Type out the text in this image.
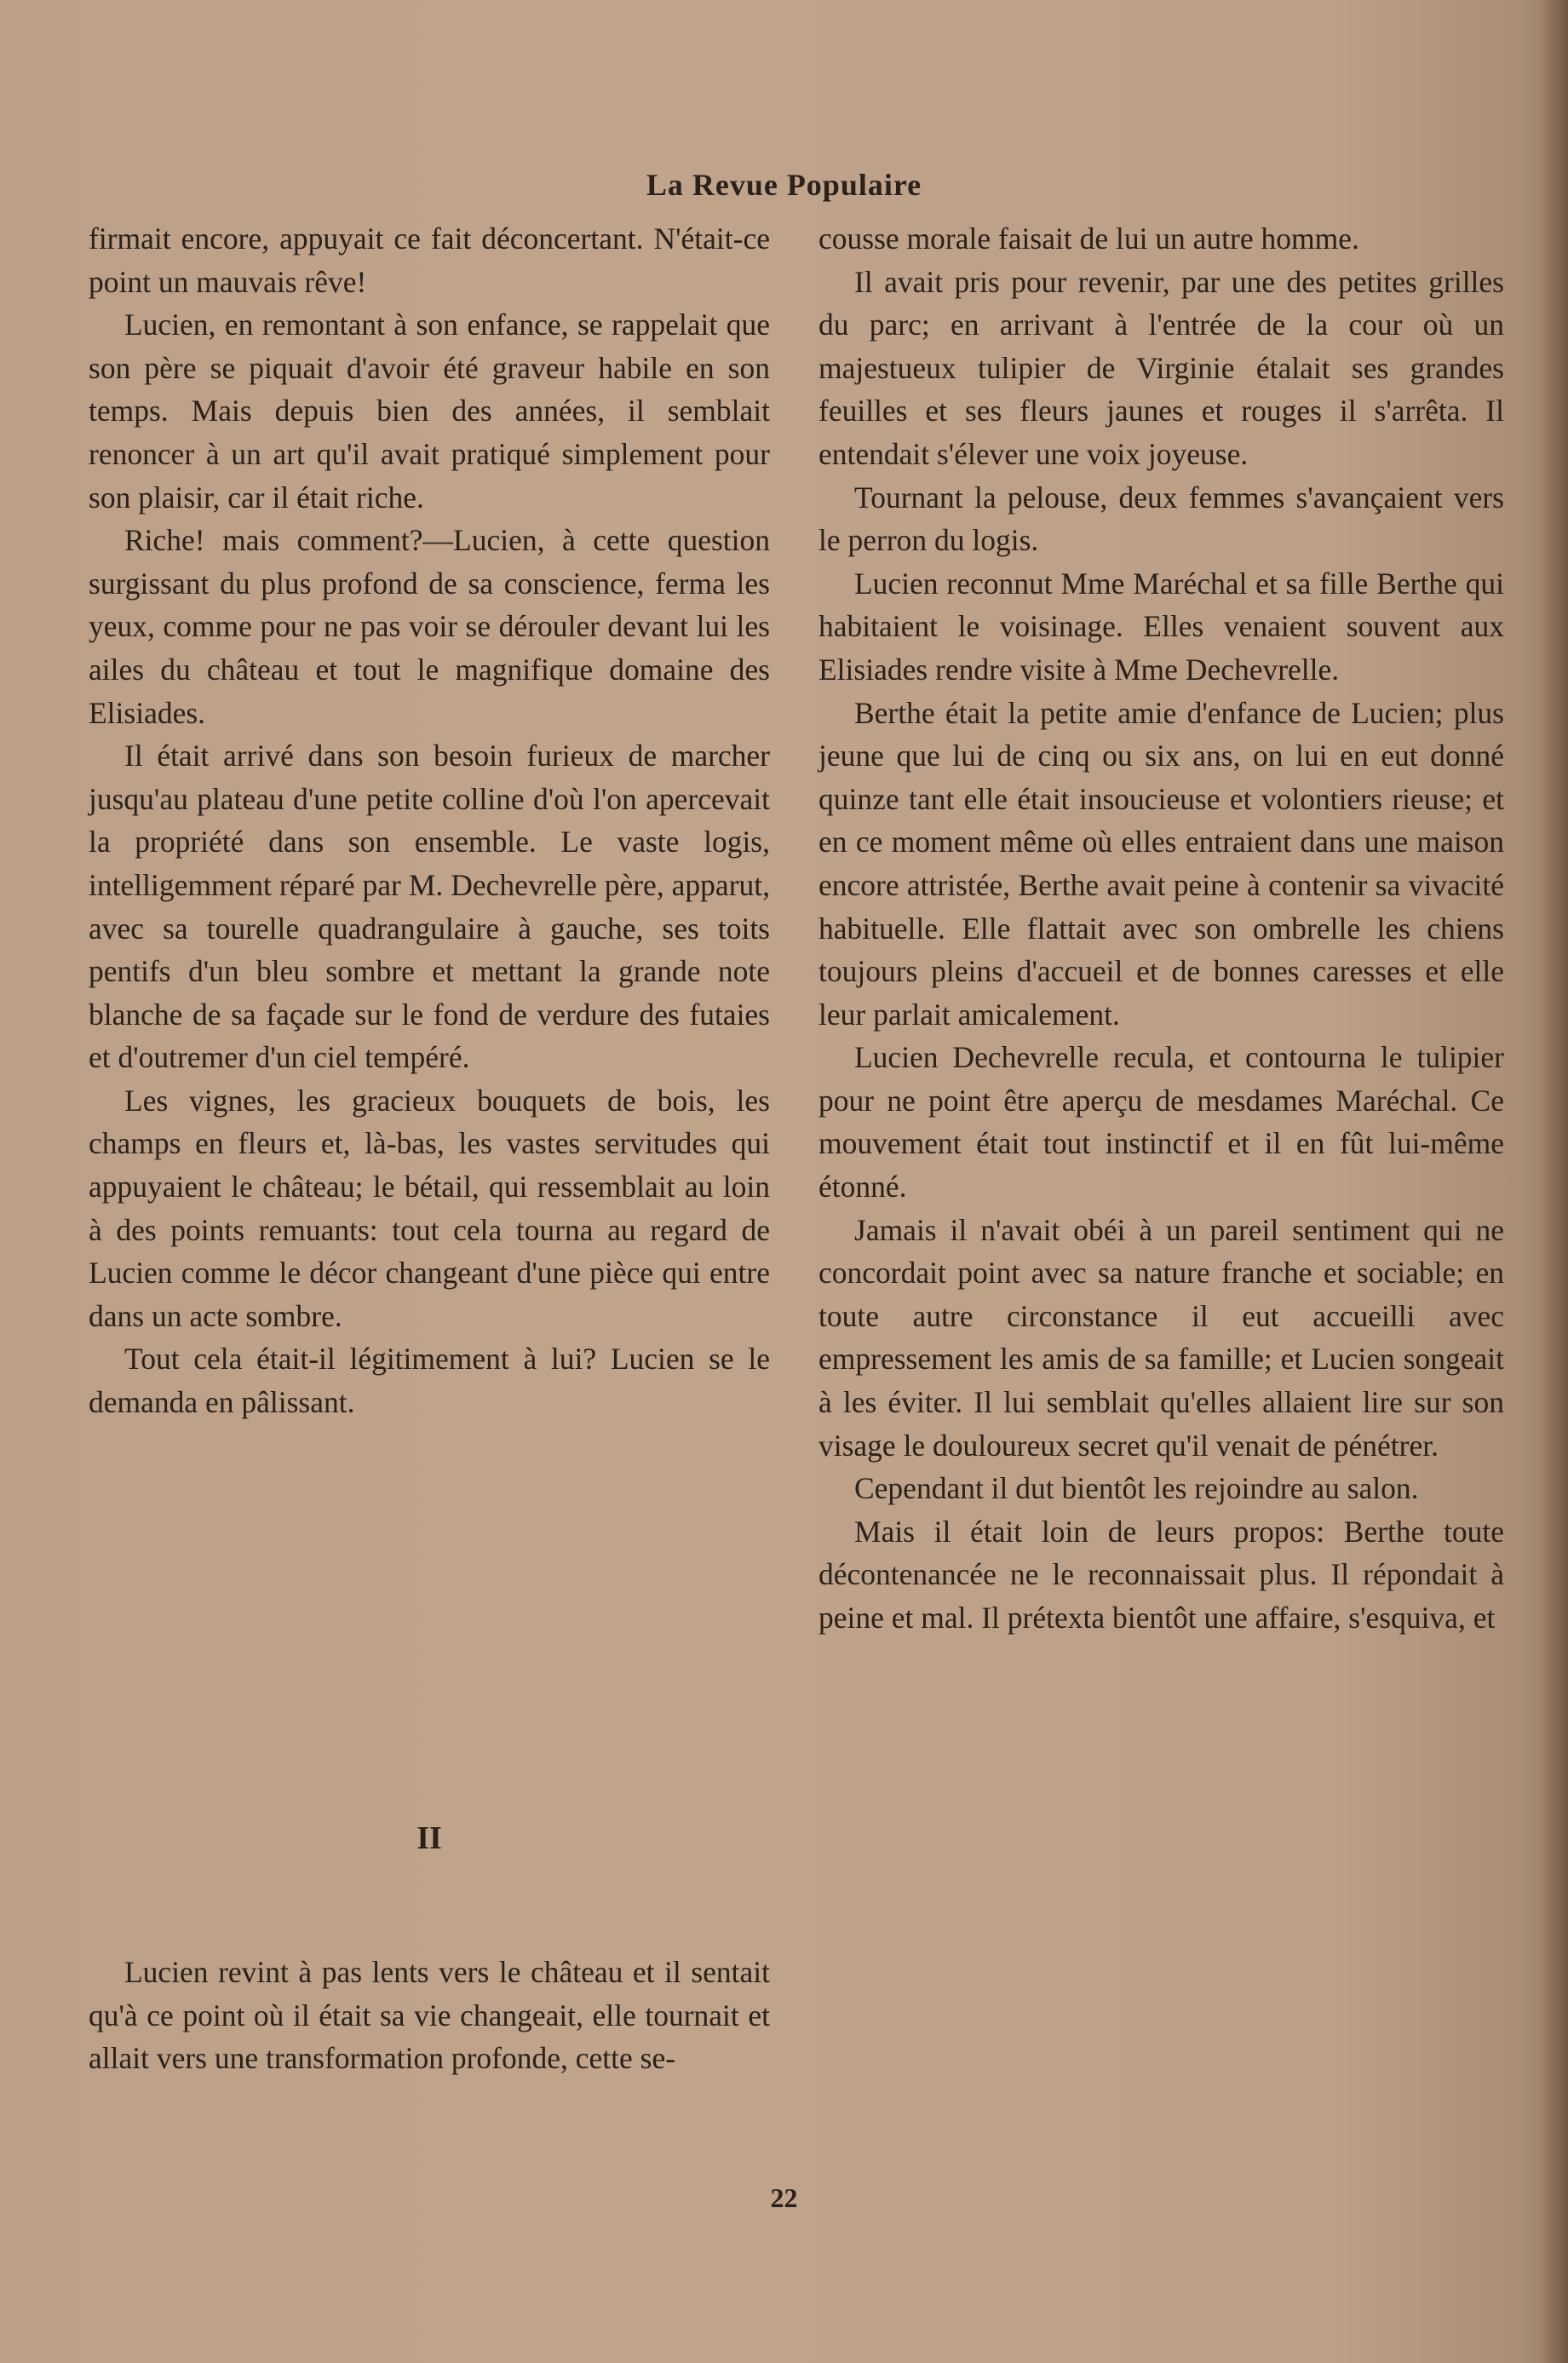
La Revue Populaire

firmait encore, appuyait ce fait déconcertant. N'était-ce point un mauvais rêve!

Lucien, en remontant à son enfance, se rappelait que son père se piquait d'avoir été graveur habile en son temps. Mais depuis bien des années, il semblait renoncer à un art qu'il avait pratiqué simplement pour son plaisir, car il était riche.

Riche! mais comment?—Lucien, à cette question surgissant du plus profond de sa conscience, ferma les yeux, comme pour ne pas voir se dérouler devant lui les ailes du château et tout le magnifique domaine des Elisiades.

Il était arrivé dans son besoin furieux de marcher jusqu'au plateau d'une petite colline d'où l'on apercevait la propriété dans son ensemble. Le vaste logis, intelligemment réparé par M. Dechevrelle père, apparut, avec sa tourelle quadrangulaire à gauche, ses toits pentifs d'un bleu sombre et mettant la grande note blanche de sa façade sur le fond de verdure des futaies et d'outremer d'un ciel tempéré.

Les vignes, les gracieux bouquets de bois, les champs en fleurs et, là-bas, les vastes servitudes qui appuyaient le château; le bétail, qui ressemblait au loin à des points remuants: tout cela tourna au regard de Lucien comme le décor changeant d'une pièce qui entre dans un acte sombre.

Tout cela était-il légitimement à lui? Lucien se le demanda en pâlissant.

II

Lucien revint à pas lents vers le château et il sentait qu'à ce point où il était sa vie changeait, elle tournait et allait vers une transformation profonde, cette se-

cousse morale faisait de lui un autre homme.

Il avait pris pour revenir, par une des petites grilles du parc; en arrivant à l'entrée de la cour où un majestueux tulipier de Virginie étalait ses grandes feuilles et ses fleurs jaunes et rouges il s'arrêta. Il entendait s'élever une voix joyeuse.

Tournant la pelouse, deux femmes s'avançaient vers le perron du logis.

Lucien reconnut Mme Maréchal et sa fille Berthe qui habitaient le voisinage. Elles venaient souvent aux Elisiades rendre visite à Mme Dechevrelle.

Berthe était la petite amie d'enfance de Lucien; plus jeune que lui de cinq ou six ans, on lui en eut donné quinze tant elle était insoucieuse et volontiers rieuse; et en ce moment même où elles entraient dans une maison encore attristée, Berthe avait peine à contenir sa vivacité habituelle. Elle flattait avec son ombrelle les chiens toujours pleins d'accueil et de bonnes caresses et elle leur parlait amicalement.

Lucien Dechevrelle recula, et contourna le tulipier pour ne point être aperçu de mesdames Maréchal. Ce mouvement était tout instinctif et il en fût lui-même étonné.

Jamais il n'avait obéi à un pareil sentiment qui ne concordait point avec sa nature franche et sociable; en toute autre circonstance il eut accueilli avec empressement les amis de sa famille; et Lucien songeait à les éviter. Il lui semblait qu'elles allaient lire sur son visage le douloureux secret qu'il venait de pénétrer.

Cependant il dut bientôt les rejoindre au salon.

Mais il était loin de leurs propos: Berthe toute décontenancée ne le reconnaissait plus. Il répondait à peine et mal. Il prétexta bientôt une affaire, s'esquiva, et

22
